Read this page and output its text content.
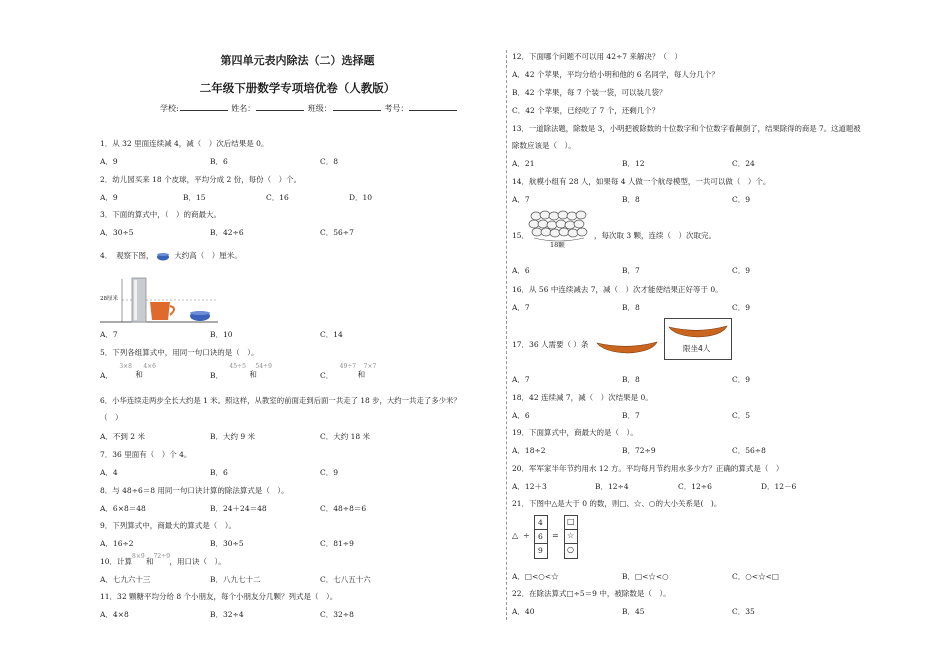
第四单元表内除法（二）选择题
二年级下册数学专项培优卷（人教版）
学校:	姓名：	班级：	考号：
1．从 32 里面连续减 4，减（　）次后结果是 0。
A．9	B．6	C．8
2．幼儿园买来 18 个皮球，平均分成 2 份，每份（　）个。
A．9	B．15	C．16	D．10
3．下面的算式中，（　）的商最大。
A．30÷5	B．42÷6	C．56÷7
4．　观察下图，	大约高（　）厘米。
28厘米
A．7	B．10	C．14
5．下列各组算式中，用同一句口诀的是（　）。
A．
3×8 4×6
和	B．
45÷5 54÷9
和	C．
49÷7 7×7
和
6．小华连续走两步全长大约是 1 米。照这样，从教室的前面走到后面一共走了 18 步，大约一共走了多少米？
（　）
A．不到 2 米	B．大约 9 米	C．大约 18 米
7．36 里面有（　）个 4。
A．4	B．6	C．9
8．与 48÷6＝8 用同一句口诀计算的除法算式是（　）。
A．6×8＝48	B．24＋24＝48	C．48÷8＝6
9．下列算式中，商最大的算式是（　）。
A．16÷2	B．30÷5	C．81÷9
10．计算
8×9
和
72÷9
，用口诀（　）。
A．七九六十三	B．八九七十二	C．七八五十六
11．32 颗糖平均分给 8 个小朋友，每个小朋友分几颗？列式是（　）。
A．4×8	B．32÷4	C．32÷8
12．下面哪个问题不可以用 42÷7 来解决？（　）
A．42 个苹果，平均分给小明和他的 6 名同学，每人分几个？
B．42 个苹果，每 7 个装一袋，可以装几袋？
C．42 个苹果，已经吃了 7 个，还剩几个？
13．一道除法题，除数是 3，小明把被除数的十位数字和个位数字看颠倒了，结果除得的商是 7。这道题被
除数应该是（　）。
A．21	B．12	C．24
14．航模小组有 28 人，如果每 4 人做一个航母模型，一共可以做（　）个。
A．7	B．8	C．9
15．
18颗
，每次取 3 颗，连续（　）次取完。
A．6	B．7	C．9
16．从 56 中连续减去 7，减（　）次才能使结果正好等于 0。
A．7	B．8	C．9
17．36 人需要（ ）条	限坐4人
A．7	B．8	C．9
18．42 连续减 7，减（　）次结果是 0。
A．6	B．7	C．5
19．下面算式中，商最大的是（　）。
A．18÷2	B．72÷9	C．56÷8
20．军军家半年节约用水 12 方。平均每月节约用水多少方？正确的算式是（　）
A．12＋3	B．12÷4	C．12÷6	D．12－6
21．下图中△是大于 0 的数，则□、☆、○的大小关系是(　)。
△ ÷
4
6
9
=
□
☆
○
A．□<○<☆	B．□<☆<○	C．○<☆<□
22．在除法算式□÷5＝9 中，被除数是（　）。
A．40	B．45	C．35
